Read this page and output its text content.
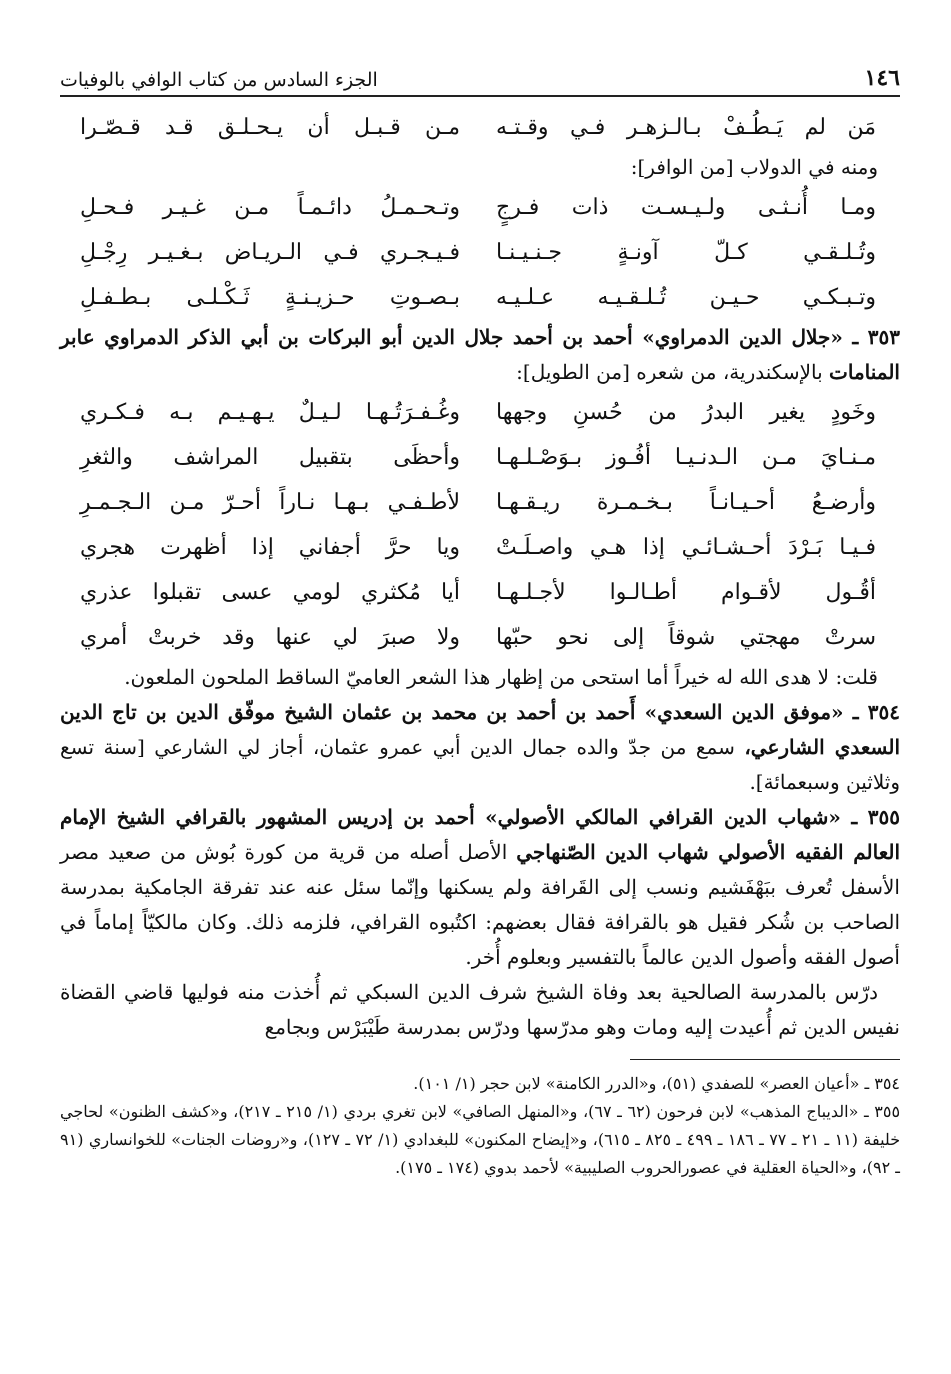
١٤٦
الجزء السادس من كتاب الوافي بالوفيات
مَن لم يَـطُـفْ بـالـزهـر فـي وقـتـه
مـن قـبـل أن يـحـلـق قـد قـصّـرا

ومنه في الدولاب [من الوافر]:

ومـا أُنـثـى ولـيـسـت ذات فـرجٍ
وتـحـمـلُ دائـمـاً مـن غـيـر فـحـلِ
وتُـلـقـي كـلّ آونـةٍ جـنـيـنـا
فـيـجـري فـي الـريـاض بـغـيـر رِجْـلِ
وتـبـكـي حـيـن تُـلـقـيـه عـلـيـه
بـصـوتِ حـزيـنـةٍ ثَـكْـلـى بـطـفـلِ

٣٥٣ ـ «جلال الدين الدمراوي» أحمد بن أحمد جلال الدين أبو البركات بن أبي الذكر الدمراوي عابر المنامات بالإسكندرية، من شعره [من الطويل]:

وخَودٍ يغير البدرُ من حُسنِ وجهها
وغُـفـرَتُـهـا لـيـلٌ يـهـيـم بـه فـكـري
مـنـايَ مـن الـدنـيـا أفُـوز بـوَصْـلـهـا
وأحظَى بتقبيل المراشف والثغرِ
وأرضـعُ أحـيـانـاً بـخـمـرة ريـقـهـا
لأطـفـي بـهـا نـاراً أحـرّ مـن الـجـمـرِ
فـيـا بَـرْدَ أحـشـائـي إذا هـي واصـلَـتْ
ويا حرَّ أجفاني إذا أظهرت هجري
أقُـول لأقـوام أطـالـوا لأجـلـهـا
أيا مُكثري لومي عسى تقبلوا عذري
سرتْ مهجتي شوقاً إلى نحو حبّها
ولا صبرَ لي عنها وقد خربتْ أمري

قلت: لا هدى الله له خيراً أما استحى من إظهار هذا الشعر العاميّ الساقط الملحون الملعون.

٣٥٤ ـ «موفق الدين السعدي» أَحمد بن أحمد بن محمد بن عثمان الشيخ موفّق الدين بن تاج الدين السعدي الشارعي، سمع من جدّ والده جمال الدين أبي عمرو عثمان، أجاز لي الشارعي [سنة تسع وثلاثين وسبعمائة].

٣٥٥ ـ «شهاب الدين القرافي المالكي الأصولي» أحمد بن إدريس المشهور بالقرافي الشيخ الإمام العالم الفقيه الأصولي شهاب الدين الصّنهاجي الأصل أصله من قرية من كورة بُوش من صعيد مصر الأسفل تُعرف ببَهْفَشيم ونسب إلى القَرافة ولم يسكنها وإنّما سئل عنه عند تفرقة الجامكية بمدرسة الصاحب بن شُكر فقيل هو بالقرافة فقال بعضهم: اكتُبوه القرافي، فلزمه ذلك. وكان مالكيّاً إماماً في أصول الفقه وأصول الدين عالماً بالتفسير وبعلوم أُخر.

درّس بالمدرسة الصالحية بعد وفاة الشيخ شرف الدين السبكي ثم أُخذت منه فوليها قاضي القضاة نفيس الدين ثم أُعيدت إليه ومات وهو مدرّسها ودرّس بمدرسة طَيْبَرْس وبجامع

٣٥٤ ـ «أعيان العصر» للصفدي (٥١)، و«الدرر الكامنة» لابن حجر (١/ ١٠١).

٣٥٥ ـ «الديباج المذهب» لابن فرحون (٦٢ ـ ٦٧)، و«المنهل الصافي» لابن تغري بردي (١/ ٢١٥ ـ ٢١٧)، و«كشف الظنون» لحاجي خليفة (١١ ـ ٢١ ـ ٧٧ ـ ١٨٦ ـ ٤٩٩ ـ ٨٢٥ ـ ٦١٥)، و«إيضاح المكنون» للبغدادي (١/ ٧٢ ـ ١٢٧)، و«روضات الجنات» للخوانساري (٩١ ـ ٩٢)، و«الحياة العقلية في عصورالحروب الصليبية» لأحمد بدوي (١٧٤ ـ ١٧٥).
